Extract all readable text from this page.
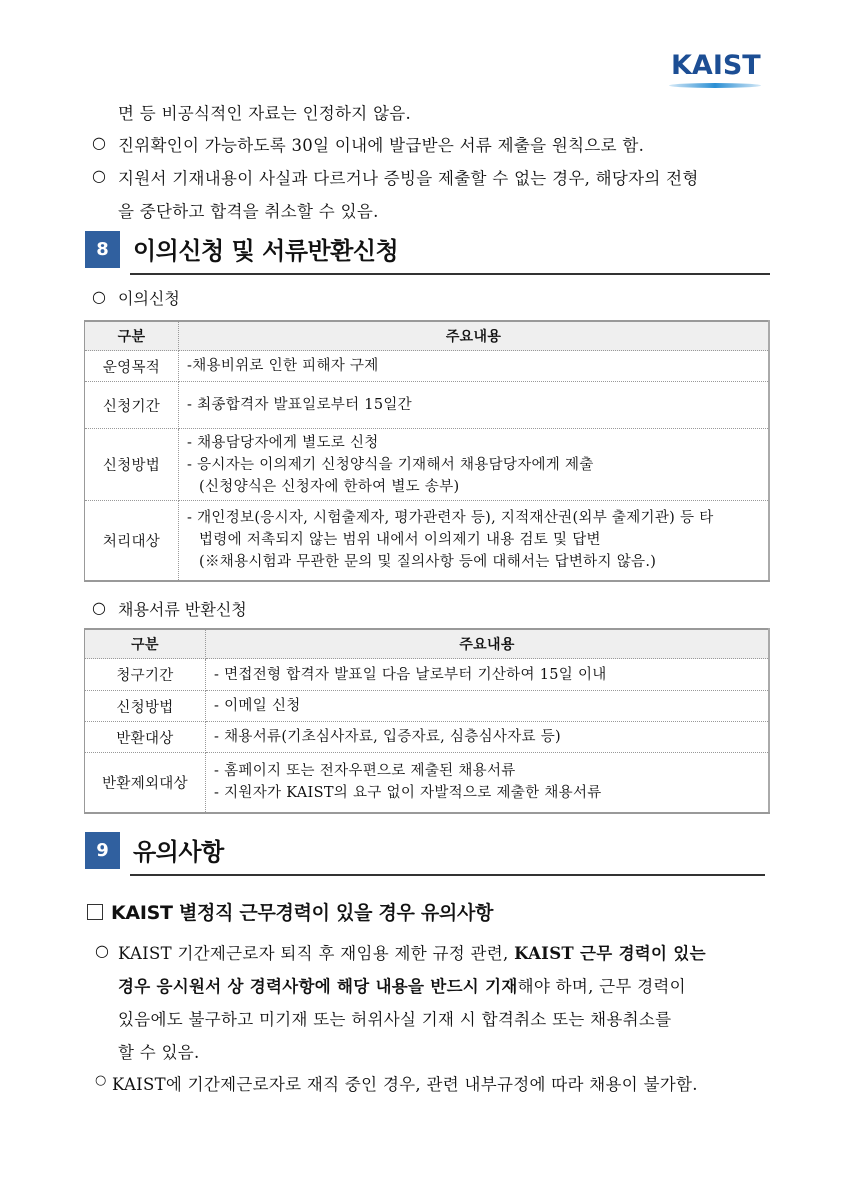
KAIST
면 등 비공식적인 자료는 인정하지 않음.
○ 진위확인이 가능하도록 30일 이내에 발급받은 서류 제출을 원칙으로 함.
○ 지원서 기재내용이 사실과 다르거나 증빙을 제출할 수 없는 경우, 해당자의 전형
을 중단하고 합격을 취소할 수 있음.
8	이의신청 및 서류반환신청
○ 이의신청
구분	주요내용
운영목적	-채용비위로 인한 피해자 구제

신청기간	- 최종합격자 발표일로부터 15일간

신청방법	- 채용담당자에게 별도로 신청
- 응시자는 이의제기 신청양식을 기재해서 채용담당자에게 제출
(신청양식은 신청자에 한하여 별도 송부)

처리대상	- 개인정보(응시자, 시험출제자, 평가관련자 등), 지적재산권(외부 출제기관) 등 타
법령에 저촉되지 않는 범위 내에서 이의제기 내용 검토 및 답변
(※채용시험과 무관한 문의 및 질의사항 등에 대해서는 답변하지 않음.)
○ 채용서류 반환신청
구분	주요내용
청구기간	- 면접전형 합격자 발표일 다음 날로부터 기산하여 15일 이내

신청방법	- 이메일 신청

반환대상	- 채용서류(기초심사자료, 입증자료, 심층심사자료 등)

반환제외대상	- 홈페이지 또는 전자우편으로 제출된 채용서류
- 지원자가 KAIST의 요구 없이 자발적으로 제출한 채용서류
9	유의사항
KAIST 별정직 근무경력이 있을 경우 유의사항
○ KAIST 기간제근로자 퇴직 후 재임용 제한 규정 관련, KAIST 근무 경력이 있는
경우 응시원서 상 경력사항에 해당 내용을 반드시 기재해야 하며, 근무 경력이
있음에도 불구하고 미기재 또는 허위사실 기재 시 합격취소 또는 채용취소를
할 수 있음.
○ KAIST에 기간제근로자로 재직 중인 경우, 관련 내부규정에 따라 채용이 불가함.
